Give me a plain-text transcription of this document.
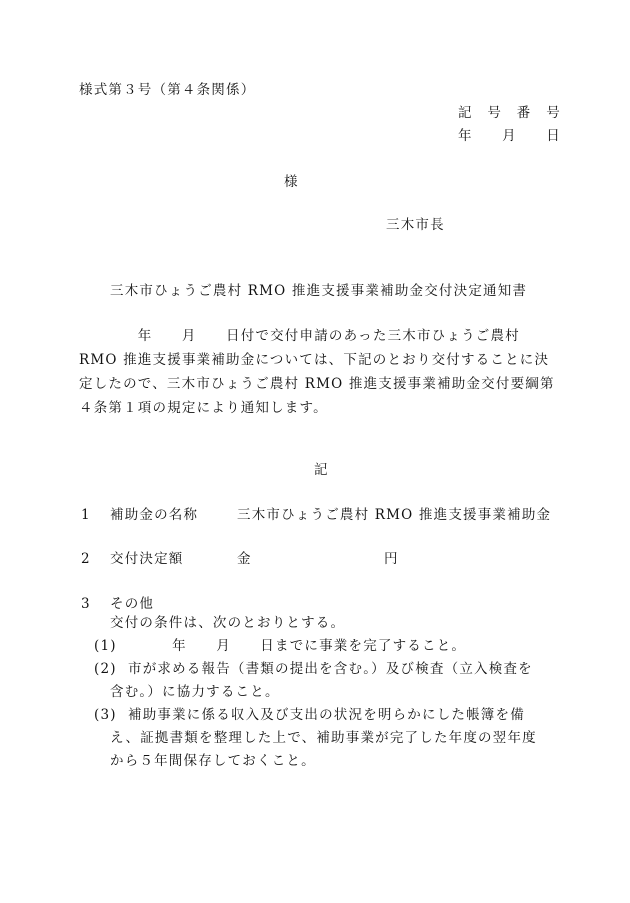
様式第３号（第４条関係）
記　号　番　号
年　　月　　日
様
三木市長
三木市ひょうご農村 RMO 推進支援事業補助金交付決定通知書
　　　　年　　月　　日付で交付申請のあった三木市ひょうご農村
RMO 推進支援事業補助金については、下記のとおり交付することに決
定したので、三木市ひょうご農村 RMO 推進支援事業補助金交付要綱第
４条第１項の規定により通知します。
記
1 補助金の名称	三木市ひょうご農村 RMO 推進支援事業補助金
2 交付決定額	金　　　　　　　　　円
3 その他
交付の条件は、次のとおりとする。
(1) 　　　年　　月　　日までに事業を完了すること。
(2) 市が求める報告（書類の提出を含む。）及び検査（立入検査を
含む。）に協力すること。
(3) 補助事業に係る収入及び支出の状況を明らかにした帳簿を備
え、証拠書類を整理した上で、補助事業が完了した年度の翌年度
から５年間保存しておくこと。
